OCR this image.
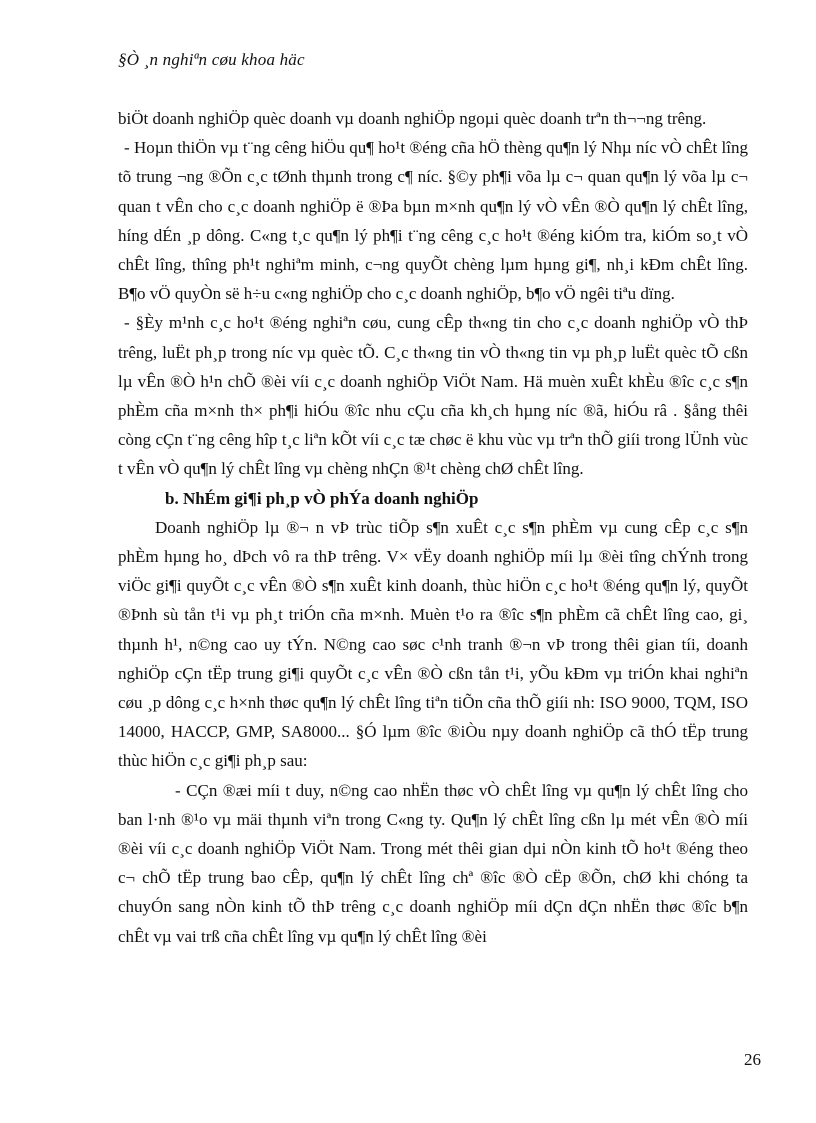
§Ò ¸n nghiªn cøu khoa häc

biÖt doanh nghiÖp quèc doanh vµ doanh nghiÖp ngoµi quèc doanh trªn th¬¬ng trêng.

- Hoµn thiÖn vµ t¨ng cêng hiÖu qu¶ ho¹t ®éng cña hÖ thèng qu¶n lý Nhµ níc vÒ chÊt lîng tõ trung ¬ng ®Õn c¸c tØnh thµnh trong c¶ níc. §©y ph¶i võa lµ c¬ quan qu¶n lý võa lµ c¬ quan t vÊn cho c¸c doanh nghiÖp ë ®Þa bµn m×nh qu¶n lý vÒ vÊn ®Ò qu¶n lý chÊt lîng, híng dÉn ¸p dông. C«ng t¸c qu¶n lý ph¶i t¨ng cêng c¸c ho¹t ®éng kiÓm tra, kiÓm so¸t vÒ chÊt lîng, thîng ph¹t nghiªm minh, c¬ng quyÕt chèng lµm hµng gi¶, nh¸i kÐm chÊt lîng. B¶o vÖ quyÒn së h÷u c«ng nghiÖp cho c¸c doanh nghiÖp, b¶o vÖ ngêi tiªu dïng.

- §Èy m¹nh c¸c ho¹t ®éng nghiªn cøu, cung cÊp th«ng tin cho c¸c doanh nghiÖp vÒ thÞ trêng, luËt ph¸p trong níc vµ quèc tÕ. C¸c th«ng tin vÒ th«ng tin vµ ph¸p luËt quèc tÕ cßn lµ vÊn ®Ò h¹n chÕ ®èi víi c¸c doanh nghiÖp ViÖt Nam. Hä muèn xuÊt khÈu ®îc c¸c s¶n phÈm cña m×nh th× ph¶i hiÓu ®îc nhu cÇu cña kh¸ch hµng níc ®ã, hiÓu râ . §ång thêi còng cÇn t¨ng cêng hîp t¸c liªn kÕt víi c¸c tæ chøc ë khu vùc vµ trªn thÕ giíi trong lÜnh vùc t vÊn vÒ qu¶n lý chÊt lîng vµ chèng nhÇn ®¹t chèng chØ chÊt lîng.

b. NhÉm gi¶i ph¸p vÒ phÝa doanh nghiÖp

Doanh nghiÖp lµ ®¬ n vÞ trùc tiÕp s¶n xuÊt c¸c s¶n phÈm vµ cung cÊp c¸c s¶n phÈm hµng ho¸ dÞch vô ra thÞ trêng. V× vËy doanh nghiÖp míi lµ ®èi tîng chÝnh trong viÖc gi¶i quyÕt c¸c vÊn ®Ò s¶n xuÊt kinh doanh, thùc hiÖn c¸c ho¹t ®éng qu¶n lý, quyÕt ®Þnh sù tån t¹i vµ ph¸t triÓn cña m×nh. Muèn t¹o ra ®îc s¶n phÈm cã chÊt lîng cao, gi¸ thµnh h¹, n©ng cao uy tÝn. N©ng cao søc c¹nh tranh ®¬n vÞ trong thêi gian tíi, doanh nghiÖp cÇn tËp trung gi¶i quyÕt c¸c vÊn ®Ò cßn tån t¹i, yÕu kÐm vµ triÓn khai nghiªn cøu ¸p dông c¸c h×nh thøc qu¶n lý chÊt lîng tiªn tiÕn cña thÕ giíi nh: ISO 9000, TQM, ISO 14000, HACCP, GMP, SA8000... §Ó lµm ®îc ®iÒu nµy doanh nghiÖp cã thÓ tËp trung thùc hiÖn c¸c gi¶i ph¸p sau:

- CÇn ®æi míi t duy, n©ng cao nhËn thøc vÒ chÊt lîng vµ qu¶n lý chÊt lîng cho ban l·nh ®¹o vµ mäi thµnh viªn trong C«ng ty. Qu¶n lý chÊt lîng cßn lµ mét vÊn ®Ò míi ®èi víi c¸c doanh nghiÖp ViÖt Nam. Trong mét thêi gian dµi nÒn kinh tÕ ho¹t ®éng theo c¬ chÕ tËp trung bao cÊp, qu¶n lý chÊt lîng chª ®îc ®Ò cËp ®Õn, chØ khi chóng ta chuyÓn sang nÒn kinh tÕ thÞ trêng c¸c doanh nghiÖp míi dÇn dÇn nhËn thøc ®îc b¶n chÊt vµ vai trß cña chÊt lîng vµ qu¶n lý chÊt lîng ®èi

26
